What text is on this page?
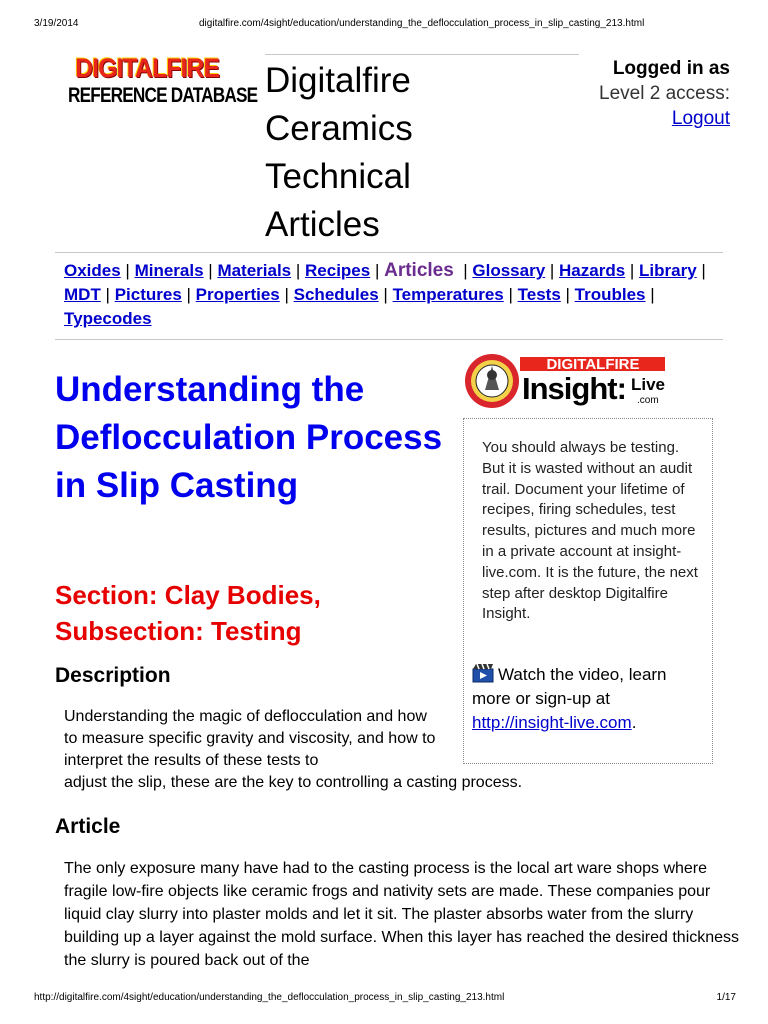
3/19/2014	digitalfire.com/4sight/education/understanding_the_deflocculation_process_in_slip_casting_213.html
DIGITALFIRE
REFERENCE DATABASE Digitalfire Ceramics Technical Articles
Logged in as
Level 2 access:
Logout
Oxides | Minerals | Materials | Recipes | Articles  | Glossary | Hazards | Library | MDT | Pictures | Properties | Schedules | Temperatures | Tests | Troubles | Typecodes
Understanding the Deflocculation Process in Slip Casting
Section: Clay Bodies, Subsection: Testing
Description
Understanding the magic of deflocculation and how to measure specific gravity and viscosity, and how to interpret the results of these tests to
adjust the slip, these are the key to controlling a casting process.
Article
The only exposure many have had to the casting process is the local art ware shops where fragile low-fire objects like ceramic frogs and nativity sets are made. These companies pour liquid clay slurry into plaster molds and let it sit. The plaster absorbs water from the slurry building up a layer against the mold surface. When this layer has reached the desired thickness the slurry is poured back out of the
DIGITALFIRE
Insight: Live
.com
You should always be testing. But it is wasted without an audit trail. Document your lifetime of recipes, firing schedules, test results, pictures and much more in a private account at insight-live.com. It is the future, the next step after desktop Digitalfire Insight.
Watch the video, learn more or sign-up at
http://insight-live.com.
http://digitalfire.com/4sight/education/understanding_the_deflocculation_process_in_slip_casting_213.html	1/17
